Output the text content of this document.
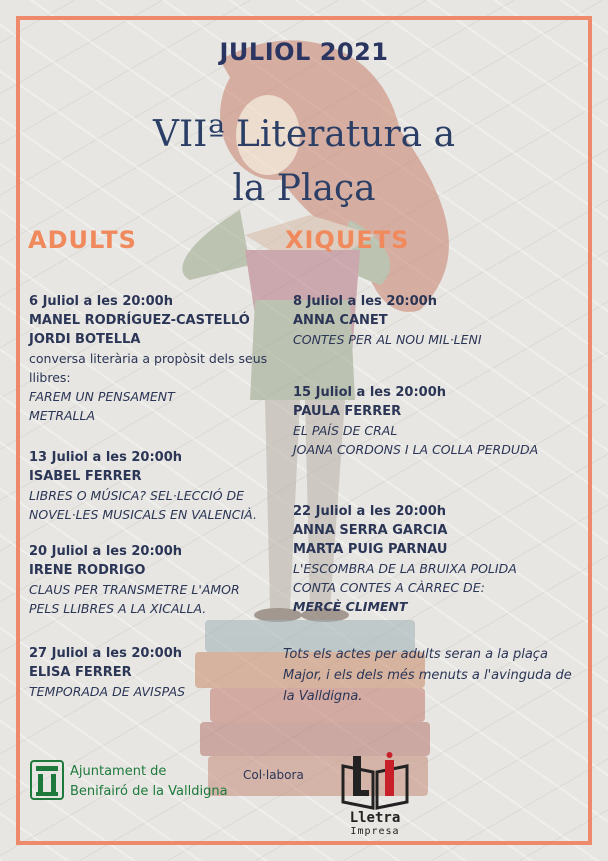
JULIOL 2021
VIIª Literatura a
la Plaça
ADULTS	XIQUETS
6 Juliol a les 20:00h
MANEL RODRÍGUEZ-CASTELLÓ
JORDI BOTELLA
conversa literària a propòsit dels seus
llibres:
FAREM UN PENSAMENT
METRALLA
13 Juliol a les 20:00h
ISABEL FERRER
LIBRES O MÚSICA? SEL·LECCIÓ DE
NOVEL·LES MUSICALS EN VALENCIÀ.
20 Juliol a les 20:00h
IRENE RODRIGO
CLAUS PER TRANSMETRE L'AMOR
PELS LLIBRES A LA XICALLA.
27 Juliol a les 20:00h
ELISA FERRER
TEMPORADA DE AVISPAS
8 Juliol a les 20:00h
ANNA CANET
CONTES PER AL NOU MIL·LENI
15 Juliol a les 20:00h
PAULA FERRER
EL PAÍS DE CRAL
JOANA CORDONS I LA COLLA PERDUDA
22 Juliol a les 20:00h
ANNA SERRA GARCIA
MARTA PUIG PARNAU
L'ESCOMBRA DE LA BRUIXA POLIDA
CONTA CONTES A CÀRREC DE:
MERCÈ CLIMENT
Tots els actes per adults seran a la plaça Major, i els dels més menuts a l'avinguda de la Valldigna.
Ajuntament de
Benifairó de la Valldigna
Col·labora
Lletra
Impresa
